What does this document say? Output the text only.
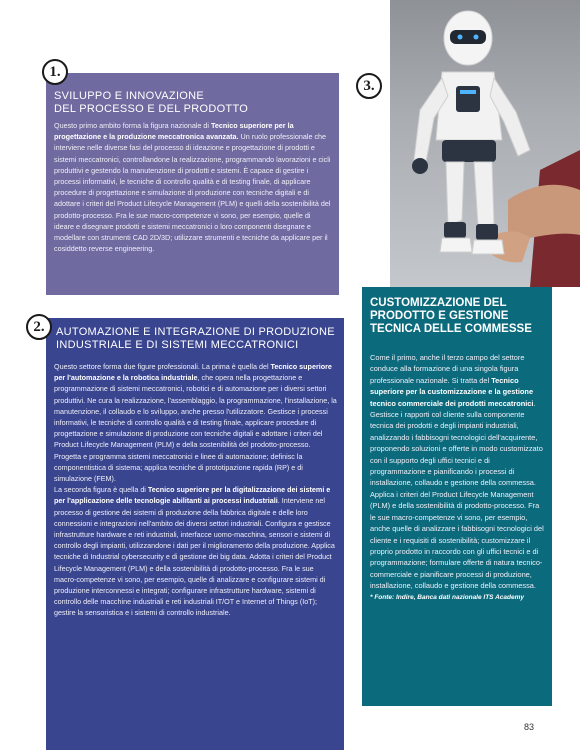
SVILUPPO E INNOVAZIONE
DEL PROCESSO E DEL PRODOTTO

Questo primo ambito forma la figura nazionale di Tecnico superiore per la progettazione e la produzione meccatronica avanzata. Un ruolo professionale che interviene nelle diverse fasi del processo di ideazione e progettazione di prodotti e sistemi meccatronici, controllandone la realizzazione, programmando lavorazioni e cicli produttivi e gestendo la manutenzione di prodotti e sistemi. È capace di gestire i processi informativi, le tecniche di controllo qualità e di testing finale, di applicare procedure di progettazione e simulazione di produzione con tecniche digitali e di adottare i criteri del Product Lifecycle Management (PLM) e quelli della sostenibilità del prodotto-processo. Fra le sue macro-competenze vi sono, per esempio, quelle di ideare e disegnare prodotti e sistemi meccatronici o loro componenti disegnare e modellare con strumenti CAD 2D/3D; utilizzare strumenti e tecniche da applicare per il cosiddetto reverse engineering.

1.
AUTOMAZIONE E INTEGRAZIONE DI PRODUZIONE
INDUSTRIALE E DI SISTEMI MECCATRONICI

Questo settore forma due figure professionali. La prima è quella del Tecnico superiore per l'automazione e la robotica industriale, che opera nella progettazione e programmazione di sistemi meccatronici, robotici e di automazione per i diversi settori produttivi. Ne cura la realizzazione, l'assemblaggio, la programmazione, l'installazione, la manutenzione, il collaudo e lo sviluppo, anche presso l'utilizzatore. Gestisce i processi informativi, le tecniche di controllo qualità e di testing finale, applicare procedure di progettazione e simulazione di produzione con tecniche digitali e adottare i criteri del Product Lifecycle Management (PLM) e della sostenibilità del prodotto-processo. Progetta e programma sistemi meccatronici e linee di automazione; definisc la componentistica di sistema; applica tecniche di prototipazione rapida (RP) e di simulazione (FEM).

La seconda figura è quella di Tecnico superiore per la digitalizzazione dei sistemi e per l'applicazione delle tecnologie abilitanti ai processi industriali. Interviene nel processo di gestione dei sistemi di produzione della fabbrica digitale e delle loro connessioni e integrazioni nell'ambito dei diversi settori industriali. Configura e gestisce infrastrutture hardware e reti industriali, interfacce uomo-macchina, sensori e sistemi di controllo degli impianti, utilizzandone i dati per il miglioramento della produzione. Applica tecniche di Industrial cybersecurity e di gestione dei big data. Adotta i criteri del Product Lifecycle Management (PLM) e della sostenibilità di prodotto-processo. Fra le sue macro-competenze vi sono, per esempio, quelle di analizzare e configurare sistemi di produzione interconnessi e integrati; configurare infrastrutture hardware, sistemi di controllo delle macchine industriali e reti industriali IT/OT e Internet of Things (IoT); gestire la sensoristica e i sistemi di controllo industriale.

2.
CUSTOMIZZAZIONE DEL
PRODOTTO E GESTIONE
TECNICA DELLE COMMESSE

Come il primo, anche il terzo campo del settore conduce alla formazione di una singola figura professionale nazionale. Si tratta del Tecnico superiore per la customizzazione e la gestione tecnico commerciale dei prodotti meccatronici. Gestisce i rapporti col cliente sulla componente tecnica dei prodotti e degli impianti industriali, analizzando i fabbisogni tecnologici dell'acquirente, proponendo soluzioni e offerte in modo customizzato con il supporto degli uffici tecnici e di programmazione e pianificando i processi di installazione, collaudo e gestione della commessa. Applica i criteri del Product Lifecycle Management (PLM) e della sostenibilità di prodotto-processo. Fra le sue macro-competenze vi sono, per esempio, anche quelle di analizzare i fabbisogni tecnologici del cliente e i requisiti di sostenibilità; customizzare il proprio prodotto in raccordo con gli uffici tecnici e di programmazione; formulare offerte di natura tecnico-commerciale e pianificare processi di produzione, installazione, collaudo e gestione della commessa.

* Fonte: Indire, Banca dati nazionale ITS Academy
3.
83
